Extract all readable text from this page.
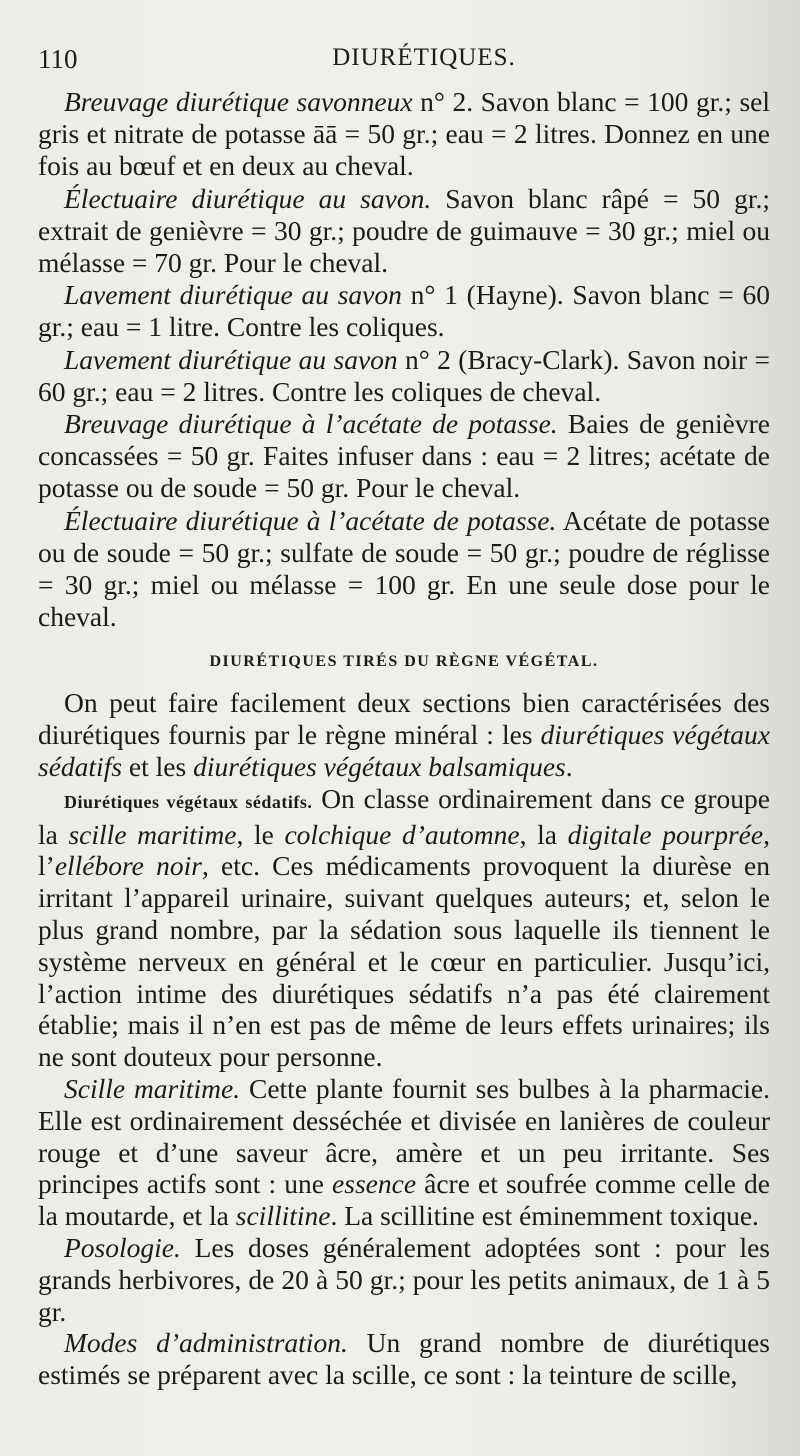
110	DIURÉTIQUES.

Breuvage diurétique savonneux n° 2. Savon blanc = 100 gr.; sel gris et nitrate de potasse āā = 50 gr.; eau = 2 litres. Donnez en une fois au bœuf et en deux au cheval.

Électuaire diurétique au savon. Savon blanc râpé = 50 gr.; extrait de genièvre = 30 gr.; poudre de guimauve = 30 gr.; miel ou mélasse = 70 gr. Pour le cheval.

Lavement diurétique au savon n° 1 (Hayne). Savon blanc = 60 gr.; eau = 1 litre. Contre les coliques.

Lavement diurétique au savon n° 2 (Bracy-Clark). Savon noir = 60 gr.; eau = 2 litres. Contre les coliques de cheval.

Breuvage diurétique à l’acétate de potasse. Baies de genièvre concassées = 50 gr. Faites infuser dans : eau = 2 litres; acétate de potasse ou de soude = 50 gr. Pour le cheval.

Électuaire diurétique à l’acétate de potasse. Acétate de potasse ou de soude = 50 gr.; sulfate de soude = 50 gr.; poudre de réglisse = 30 gr.; miel ou mélasse = 100 gr. En une seule dose pour le cheval.

DIURÉTIQUES TIRÉS DU RÈGNE VÉGÉTAL.

On peut faire facilement deux sections bien caractérisées des diurétiques fournis par le règne minéral : les diurétiques végétaux sédatifs et les diurétiques végétaux balsamiques.

Diurétiques végétaux sédatifs. On classe ordinairement dans ce groupe la scille maritime, le colchique d’automne, la digitale pourprée, l’ellébore noir, etc. Ces médicaments provoquent la diurèse en irritant l’appareil urinaire, suivant quelques auteurs; et, selon le plus grand nombre, par la sédation sous laquelle ils tiennent le système nerveux en général et le cœur en particulier. Jusqu’ici, l’action intime des diurétiques sédatifs n’a pas été clairement établie; mais il n’en est pas de même de leurs effets urinaires; ils ne sont douteux pour personne.

Scille maritime. Cette plante fournit ses bulbes à la pharmacie. Elle est ordinairement desséchée et divisée en lanières de couleur rouge et d’une saveur âcre, amère et un peu irritante. Ses principes actifs sont : une essence âcre et soufrée comme celle de la moutarde, et la scillitine. La scillitine est éminemment toxique.

Posologie. Les doses généralement adoptées sont : pour les grands herbivores, de 20 à 50 gr.; pour les petits animaux, de 1 à 5 gr.

Modes d’administration. Un grand nombre de diurétiques estimés se préparent avec la scille, ce sont : la teinture de scille,
